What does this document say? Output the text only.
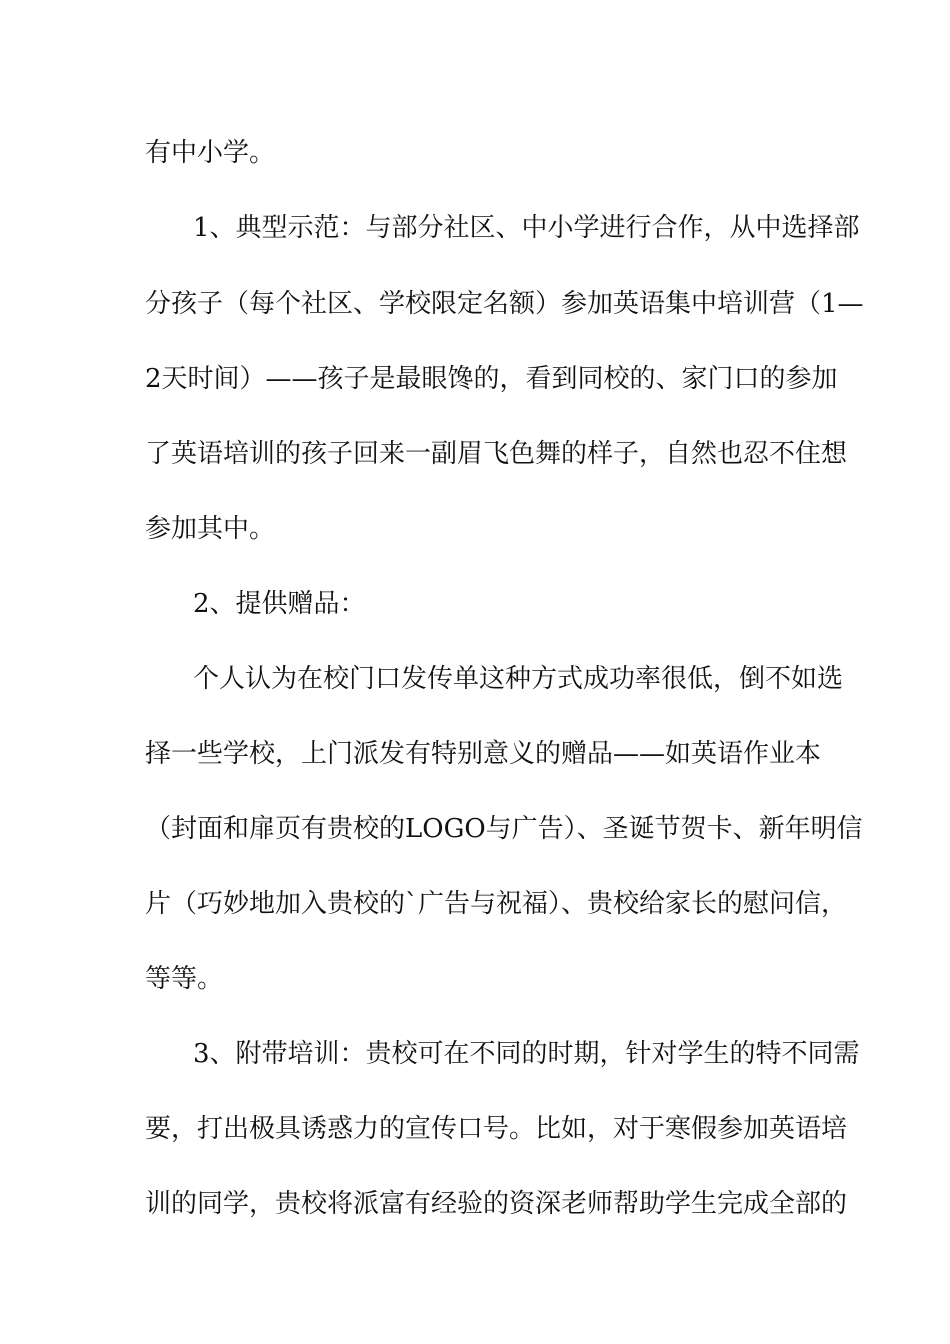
有中小学。
1、典型示范：与部分社区、中小学进行合作，从中选择部
分孩子（每个社区、学校限定名额）参加英语集中培训营（1—
2天时间）——孩子是最眼馋的，看到同校的、家门口的参加
了英语培训的孩子回来一副眉飞色舞的样子，自然也忍不住想
参加其中。
2、提供赠品：
个人认为在校门口发传单这种方式成功率很低，倒不如选
择一些学校，上门派发有特别意义的赠品——如英语作业本
（封面和扉页有贵校的LOGO与广告）、圣诞节贺卡、新年明信
片（巧妙地加入贵校的`广告与祝福）、贵校给家长的慰问信，
等等。
3、附带培训：贵校可在不同的时期，针对学生的特不同需
要，打出极具诱惑力的宣传口号。比如，对于寒假参加英语培
训的同学，贵校将派富有经验的资深老师帮助学生完成全部的
